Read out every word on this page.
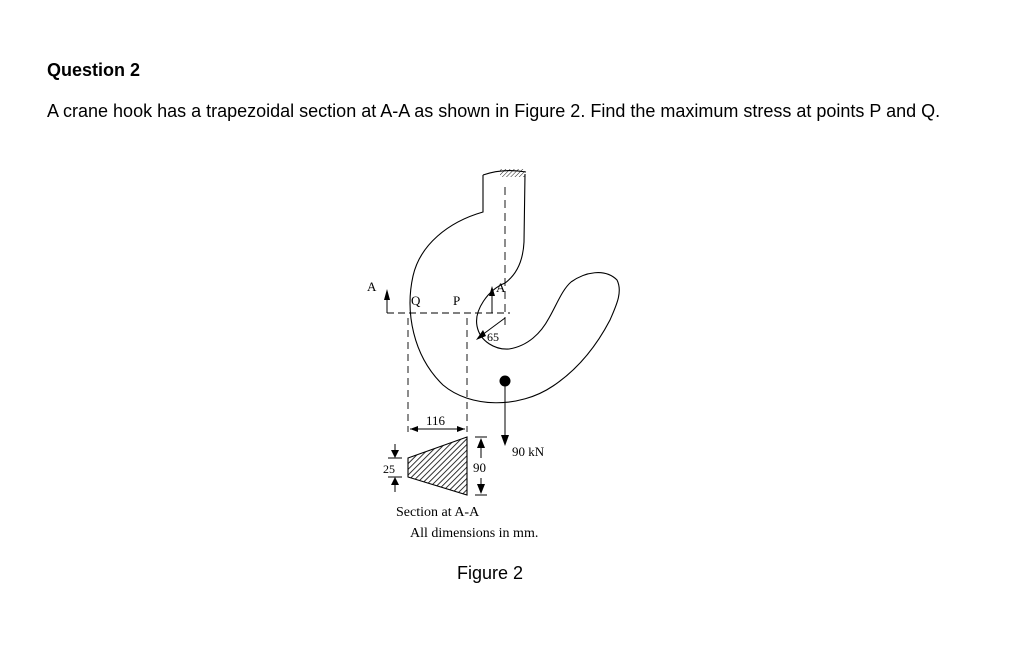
Question 2
A crane hook has a trapezoidal section at A-A as shown in Figure 2. Find the maximum stress at points P and Q.
A	A
Q	P
65
116
90 kN
90
25
Section at A-A
All dimensions in mm.
Figure 2
